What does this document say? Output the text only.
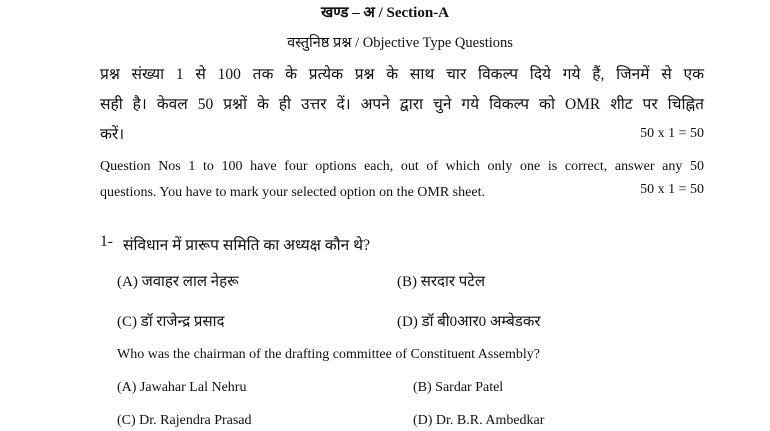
खण्ड – अ / Section-A
वस्तुनिष्ठ प्रश्न / Objective Type Questions
प्रश्न संख्या 1 से 100 तक के प्रत्येक प्रश्न के साथ चार विकल्प दिये गये हैं, जिनमें से एक
सही है। केवल 50 प्रश्नों के ही उत्तर दें। अपने द्वारा चुने गये विकल्प को OMR शीट पर चिह्नित
करें।	50 x 1 = 50
Question Nos 1 to 100 have four options each, out of which only one is correct, answer any 50
questions. You have to mark your selected option on the OMR sheet.	50 x 1 = 50
1- संविधान में प्रारूप समिति का अध्यक्ष कौन थे?
(A) जवाहर लाल नेहरू	(B) सरदार पटेल
(C) डॉ राजेन्द्र प्रसाद	(D) डॉ बी0आर0 अम्बेडकर
Who was the chairman of the drafting committee of Constituent Assembly?
(A) Jawahar Lal Nehru	(B) Sardar Patel
(C) Dr. Rajendra Prasad	(D) Dr. B.R. Ambedkar
